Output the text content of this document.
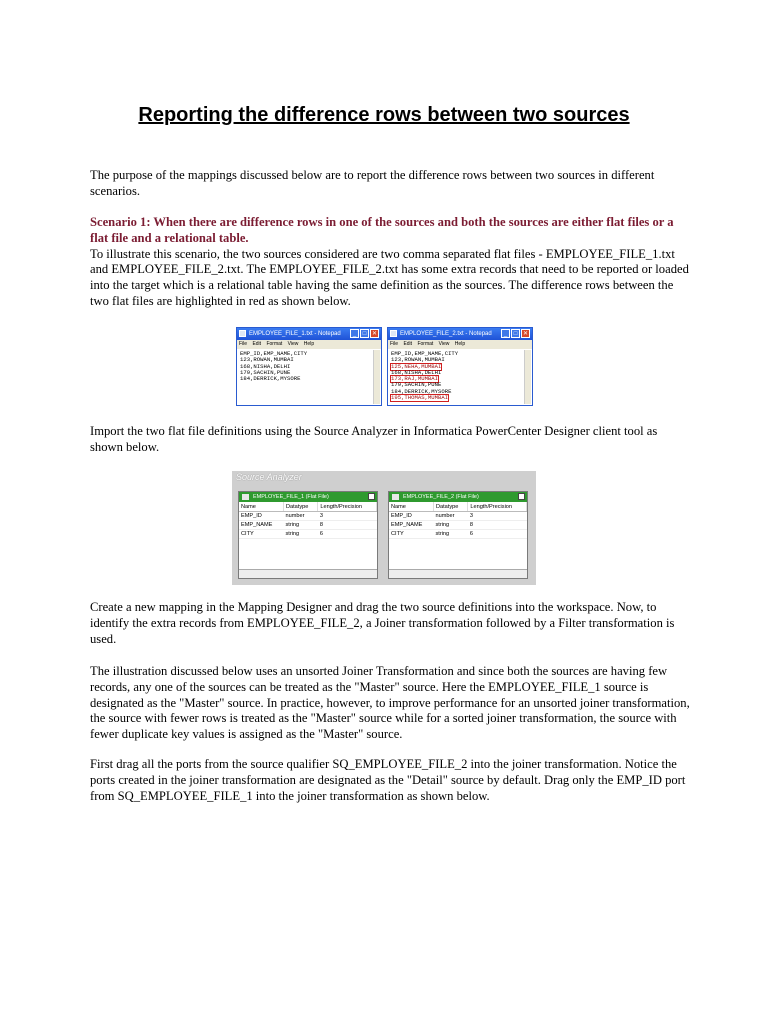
Reporting the difference rows between two sources

The purpose of the mappings discussed below are to report the difference rows between two sources in different scenarios.

Scenario 1: When there are difference rows in one of the sources and both the sources are either flat files or a flat file and a relational table.
To illustrate this scenario, the two sources considered are two comma separated flat files - EMPLOYEE_FILE_1.txt and EMPLOYEE_FILE_2.txt. The EMPLOYEE_FILE_2.txt has some extra records that need to be reported or loaded into the target which is a relational table having the same definition as the sources. The difference rows between the two flat files are highlighted in red as shown below.

EMPLOYEE_FILE_1.txt - Notepad	_	□ ✕
File Edit Format View Help
EMP_ID,EMP_NAME,CITY
123,ROWAN,MUMBAI
168,NISHA,DELHI
179,SACHIN,PUNE
184,DERRICK,MYSORE
EMPLOYEE_FILE_2.txt - Notepad	_	□ ✕
File Edit Format View Help
EMP_ID,EMP_NAME,CITY
123,ROWAN,MUMBAI
125,NEHA,MUMBAI
168,NISHA,DELHI
173,RAJ,MUMBAI
179,SACHIN,PUNE
184,DERRICK,MYSORE
195,THOMAS,MUMBAI

Import the two flat file definitions using the Source Analyzer in Informatica PowerCenter Designer client tool as shown below.

Source Analyzer
EMPLOYEE_FILE_1 (Flat File)
Name	Datatype	Length/Precision
EMP_ID	number	3
EMP_NAME	string	8
CITY	string	6
EMPLOYEE_FILE_2 (Flat File)
Name	Datatype	Length/Precision
EMP_ID	number	3
EMP_NAME	string	8
CITY	string	6

Create a new mapping in the Mapping Designer and drag the two source definitions into the workspace. Now, to identify the extra records from EMPLOYEE_FILE_2, a Joiner transformation followed by a Filter transformation is used.

The illustration discussed below uses an unsorted Joiner Transformation and since both the sources are having few records, any one of the sources can be treated as the "Master" source. Here the EMPLOYEE_FILE_1 source is designated as the "Master" source. In practice, however, to improve performance for an unsorted joiner transformation, the source with fewer rows is treated as the "Master" source while for a sorted joiner transformation, the source with fewer duplicate key values is assigned as the "Master" source.

First drag all the ports from the source qualifier SQ_EMPLOYEE_FILE_2 into the joiner transformation. Notice the ports created in the joiner transformation are designated as the "Detail" source by default. Drag only the EMP_ID port from SQ_EMPLOYEE_FILE_1 into the joiner transformation as shown below.
